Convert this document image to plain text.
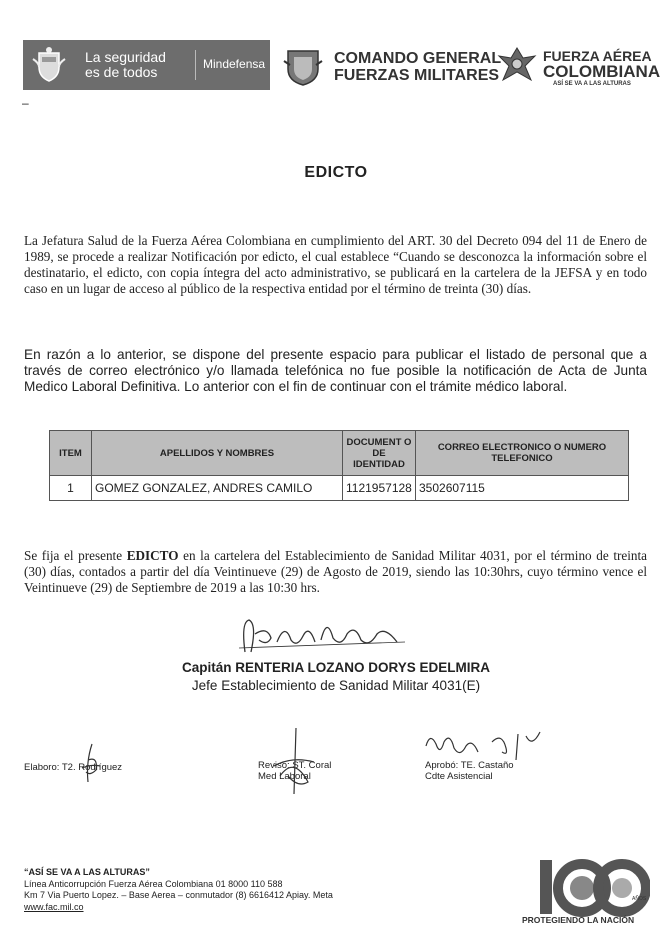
La seguridad
es de todos	Mindefensa	COMANDO GENERAL
FUERZAS MILITARES
FUERZA AÉREA
COLOMBIANA
ASÍ SE VA A LAS ALTURAS
–
EDICTO
La Jefatura Salud de la Fuerza Aérea Colombiana en cumplimiento del ART. 30 del Decreto 094 del 11 de Enero de 1989, se procede a realizar Notificación por edicto, el cual establece “Cuando se desconozca la información sobre el destinatario, el edicto, con copia íntegra del acto administrativo, se publicará en la cartelera de la JEFSA y en todo caso en un lugar de acceso al público de la respectiva entidad por el término de treinta (30) días.
En razón a lo anterior, se dispone del presente espacio para publicar el listado de personal que a través de correo electrónico y/o llamada telefónica no fue posible la notificación de Acta de Junta Medico Laboral Definitiva. Lo anterior con el fin de continuar con el trámite médico laboral.
ITEM	APELLIDOS Y NOMBRES	DOCUMENT O DE IDENTIDAD	CORREO ELECTRONICO O NUMERO TELEFONICO
1	GOMEZ GONZALEZ, ANDRES CAMILO	1121957128	3502607115
Se fija el presente EDICTO en la cartelera del Establecimiento de Sanidad Militar 4031, por el término de treinta (30) días, contados a partir del día Veintinueve (29) de Agosto de 2019, siendo las 10:30hrs, cuyo término vence el Veintinueve (29) de Septiembre de 2019 a las 10:30 hrs.
Capitán RENTERIA LOZANO DORYS EDELMIRA
Jefe Establecimiento de Sanidad Militar 4031(E)
Elaboro: T2. Rodríguez	Reviso: ST. Coral
Med Laboral
Aprobó: TE. Castaño
Cdte Asistencial
“ASÍ SE VA A LAS ALTURAS”
Línea Anticorrupción Fuerza Aérea Colombiana 01 8000 110 588
Km 7 Via Puerto Lopez. – Base Aerea – conmutador (8) 6616412 Apiay. Meta
www.fac.mil.co
AÑOS
PROTEGIENDO LA NACIÓN
